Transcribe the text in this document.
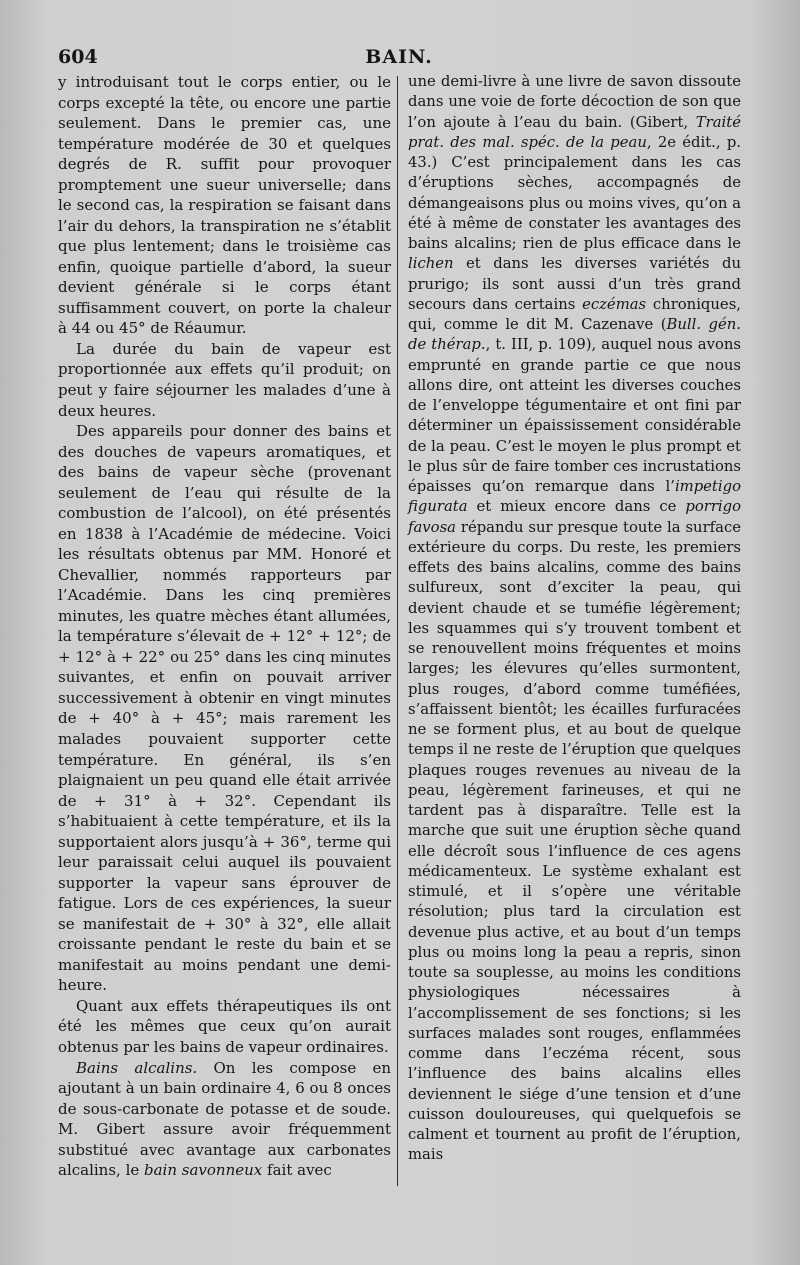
604	BAIN.

y introduisant tout le corps entier, ou le corps excepté la tête, ou encore une partie seulement. Dans le premier cas, une température modérée de 30 et quelques degrés de R. suffit pour provoquer promptement une sueur universelle; dans le second cas, la respiration se faisant dans l’air du dehors, la transpiration ne s’établit que plus lentement; dans le troisième cas enfin, quoique partielle d’abord, la sueur devient générale si le corps étant suffisamment couvert, on porte la chaleur à 44 ou 45° de Réaumur.

La durée du bain de vapeur est proportionnée aux effets qu’il produit; on peut y faire séjourner les malades d’une à deux heures.

Des appareils pour donner des bains et des douches de vapeurs aromatiques, et des bains de vapeur sèche (provenant seulement de l’eau qui résulte de la combustion de l’alcool), on été présentés en 1838 à l’Académie de médecine. Voici les résultats obtenus par MM. Honoré et Chevallier, nommés rapporteurs par l’Académie. Dans les cinq premières minutes, les quatre mèches étant allumées, la température s’élevait de + 12° + 12°; de + 12° à + 22° ou 25° dans les cinq minutes suivantes, et enfin on pouvait arriver successivement à obtenir en vingt minutes de + 40° à + 45°; mais rarement les malades pouvaient supporter cette température. En général, ils s’en plaignaient un peu quand elle était arrivée de + 31° à + 32°. Cependant ils s’habituaient à cette température, et ils la supportaient alors jusqu’à + 36°, terme qui leur paraissait celui auquel ils pouvaient supporter la vapeur sans éprouver de fatigue. Lors de ces expériences, la sueur se manifestait de + 30° à 32°, elle allait croissante pendant le reste du bain et se manifestait au moins pendant une demi-heure.

Quant aux effets thérapeutiques ils ont été les mêmes que ceux qu’on aurait obtenus par les bains de vapeur ordinaires.

Bains alcalins. On les compose en ajoutant à un bain ordinaire 4, 6 ou 8 onces de sous-carbonate de potasse et de soude. M. Gibert assure avoir fréquemment substitué avec avantage aux carbonates alcalins, le bain savonneux fait avec

une demi-livre à une livre de savon dissoute dans une voie de forte décoction de son que l’on ajoute à l’eau du bain. (Gibert, Traité prat. des mal. spéc. de la peau, 2e édit., p. 43.) C’est principalement dans les cas d’éruptions sèches, accompagnés de démangeaisons plus ou moins vives, qu’on a été à même de constater les avantages des bains alcalins; rien de plus efficace dans le lichen et dans les diverses variétés du prurigo; ils sont aussi d’un très grand secours dans certains eczémas chroniques, qui, comme le dit M. Cazenave (Bull. gén. de thérap., t. III, p. 109), auquel nous avons emprunté en grande partie ce que nous allons dire, ont atteint les diverses couches de l’enveloppe tégumentaire et ont fini par déterminer un épaississement considérable de la peau. C’est le moyen le plus prompt et le plus sûr de faire tomber ces incrustations épaisses qu’on remarque dans l’impetigo figurata et mieux encore dans ce porrigo favosa répandu sur presque toute la surface extérieure du corps. Du reste, les premiers effets des bains alcalins, comme des bains sulfureux, sont d’exciter la peau, qui devient chaude et se tuméfie légèrement; les squammes qui s’y trouvent tombent et se renouvellent moins fréquentes et moins larges; les élevures qu’elles surmontent, plus rouges, d’abord comme tuméfiées, s’affaissent bientôt; les écailles furfuracées ne se forment plus, et au bout de quelque temps il ne reste de l’éruption que quelques plaques rouges revenues au niveau de la peau, légèrement farineuses, et qui ne tardent pas à disparaître. Telle est la marche que suit une éruption sèche quand elle décroît sous l’influence de ces agens médicamenteux. Le système exhalant est stimulé, et il s’opère une véritable résolution; plus tard la circulation est devenue plus active, et au bout d’un temps plus ou moins long la peau a repris, sinon toute sa souplesse, au moins les conditions physiologiques nécessaires à l’accomplissement de ses fonctions; si les surfaces malades sont rouges, enflammées comme dans l’eczéma récent, sous l’influence des bains alcalins elles deviennent le siége d’une tension et d’une cuisson douloureuses, qui quelquefois se calment et tournent au profit de l’éruption, mais
